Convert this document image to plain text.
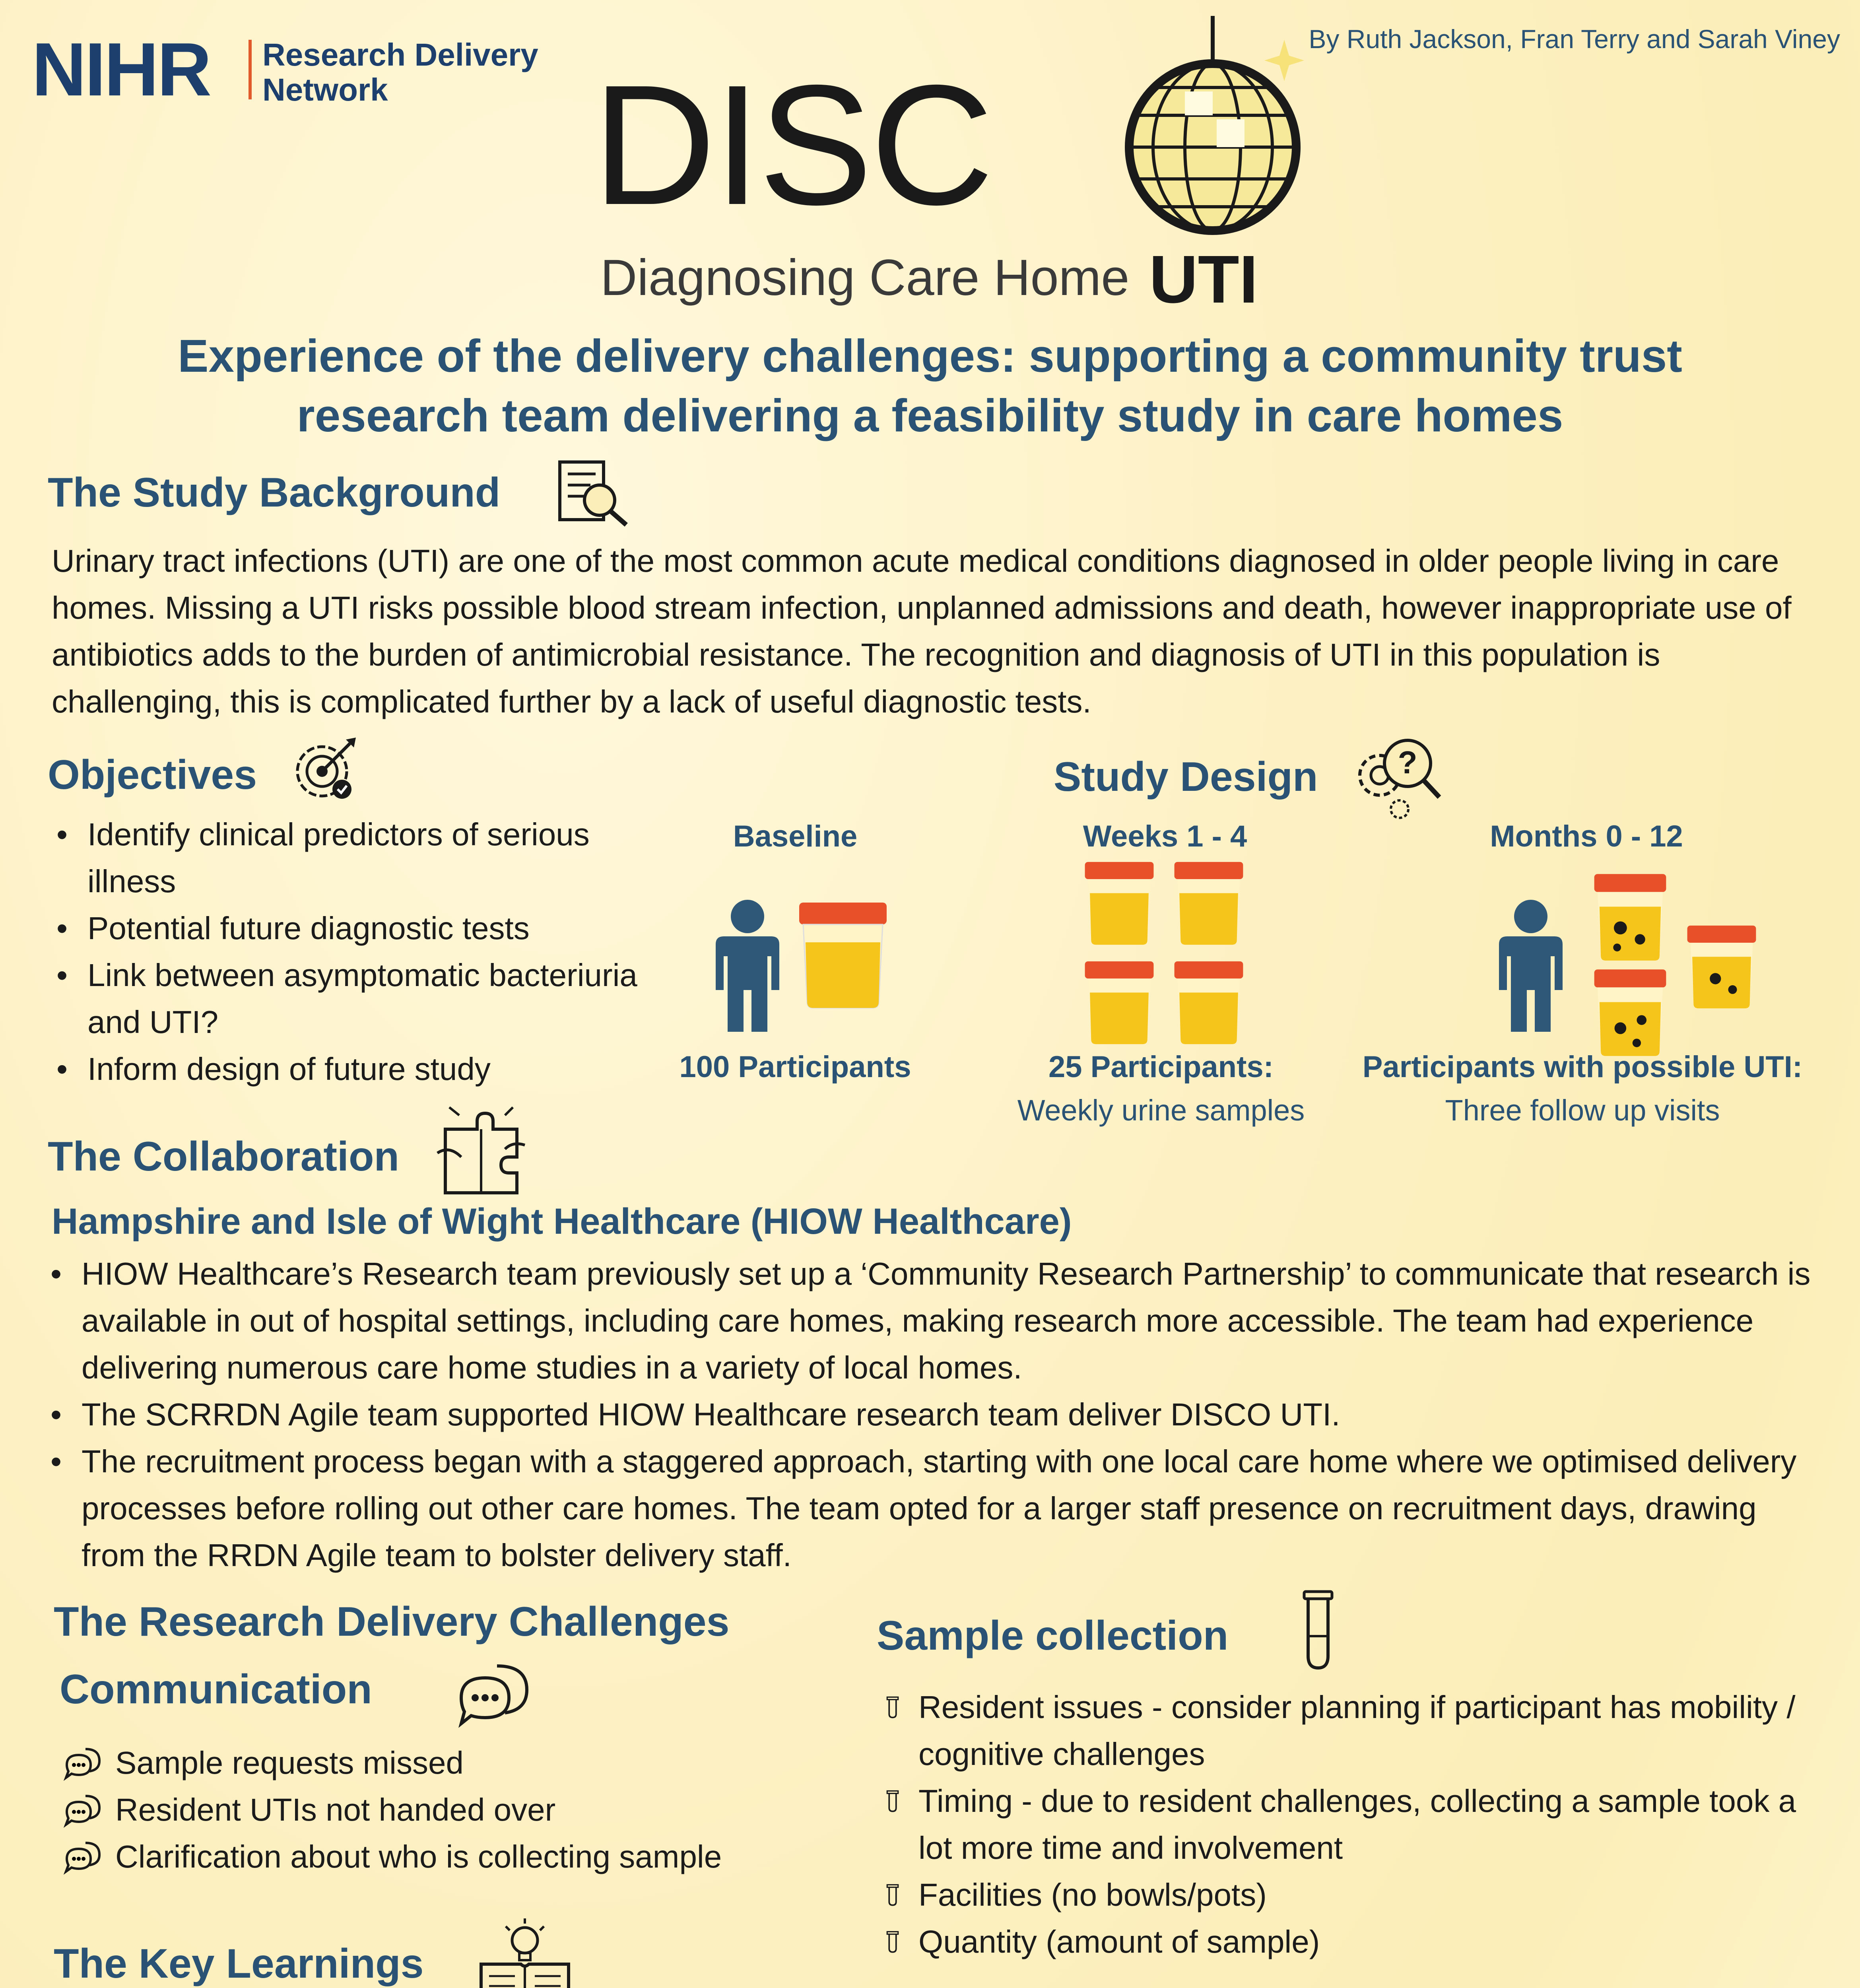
NIHR Research Delivery
Network
By Ruth Jackson, Fran Terry and Sarah Viney
DISC
Diagnosing Care Home UTI
Experience of the delivery challenges: supporting a community trust
research team delivering a feasibility study in care homes
The Study Background
Urinary tract infections (UTI) are one of the most common acute medical conditions diagnosed in older people living in care homes. Missing a UTI risks possible blood stream infection, unplanned admissions and death, however inappropriate use of antibiotics adds to the burden of antimicrobial resistance. The recognition and diagnosis of UTI in this population is challenging, this is complicated further by a lack of useful diagnostic tests.
Objectives
• Identify clinical predictors of serious illness
• Potential future diagnostic tests
• Link between asymptomatic bacteriuria and UTI?
• Inform design of future study
Study Design	?
Baseline
100 Participants
Weeks 1 - 4
25 Participants:
Weekly urine samples
Months 0 - 12
Participants with possible UTI:
Three follow up visits
The Collaboration
Hampshire and Isle of Wight Healthcare (HIOW Healthcare)
• HIOW Healthcare’s Research team previously set up a ‘Community Research Partnership’ to communicate that research is available in out of hospital settings, including care homes, making research more accessible. The team had experience delivering numerous care home studies in a variety of local homes.
• The SCRRDN Agile team supported HIOW Healthcare research team deliver DISCO UTI.
• The recruitment process began with a staggered approach, starting with one local care home where we optimised delivery processes before rolling out other care homes. The team opted for a larger staff presence on recruitment days, drawing from the RRDN Agile team to bolster delivery staff.
The Research Delivery Challenges
Communication
Sample requests missed
Resident UTIs not handed over
Clarification about who is collecting sample
Sample collection
Resident issues - consider planning if participant has mobility / cognitive challenges
Timing - due to resident challenges, collecting a sample took a lot more time and involvement
Facilities (no bowls/pots)
Quantity (amount of sample)
The Key Learnings
